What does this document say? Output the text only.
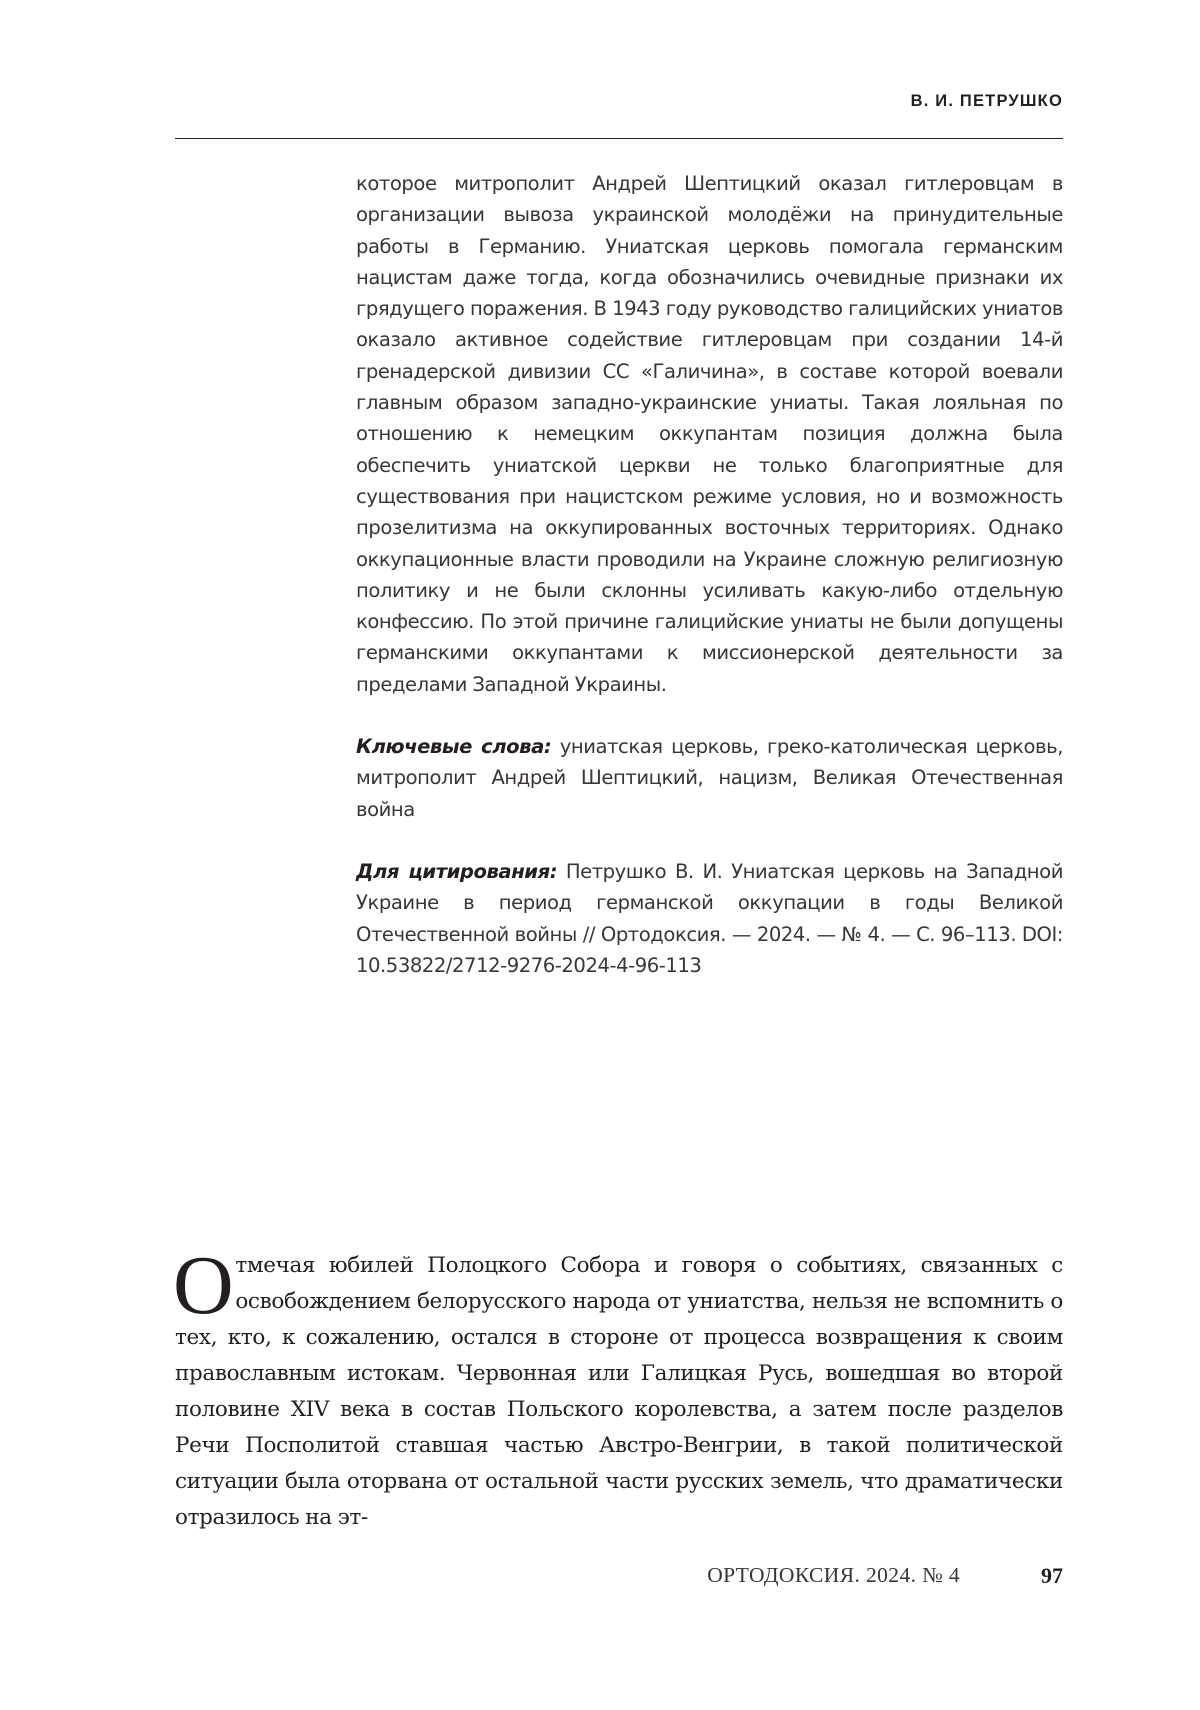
В. И. ПЕТРУШКО

которое митрополит Андрей Шептицкий оказал гитлеровцам в организации вывоза украинской молодёжи на принудительные работы в Германию. Униатская церковь помогала германским нацистам даже тогда, когда обозначились очевидные признаки их грядущего поражения. В 1943 году руководство галицийских униатов оказало активное содействие гитлеровцам при создании 14-й гренадерской дивизии СС «Галичина», в составе которой воевали главным образом западно-украинские униаты. Такая лояльная по отношению к немецким оккупантам позиция должна была обеспечить униатской церкви не только благоприятные для существования при нацистском режиме условия, но и возможность прозелитизма на оккупированных восточных территориях. Однако оккупационные власти проводили на Украине сложную религиозную политику и не были склонны усиливать какую-либо отдельную конфессию. По этой причине галицийские униаты не были допущены германскими оккупантами к миссионерской деятельности за пределами Западной Украины.

Ключевые слова: униатская церковь, греко-католическая церковь, митрополит Андрей Шептицкий, нацизм, Великая Отечественная война

Для цитирования: Петрушко В. И. Униатская церковь на Западной Украине в период германской оккупации в годы Великой Отечественной войны // Ортодоксия. — 2024. — № 4. — С. 96–113. DOI: 10.53822/2712-9276-2024-4-96-113

Отмечая юбилей Полоцкого Собора и говоря о событиях, связанных с освобождением белорусского народа от униатства, нельзя не вспомнить о тех, кто, к сожалению, остался в стороне от процесса возвращения к своим православным истокам. Червонная или Галицкая Русь, вошедшая во второй половине XIV века в состав Польского королевства, а затем после разделов Речи Посполитой ставшая частью Австро-Венгрии, в такой политической ситуации была оторвана от остальной части русских земель, что драматически отразилось на эт-

ОРТОДОКСИЯ. 2024. № 4	97
